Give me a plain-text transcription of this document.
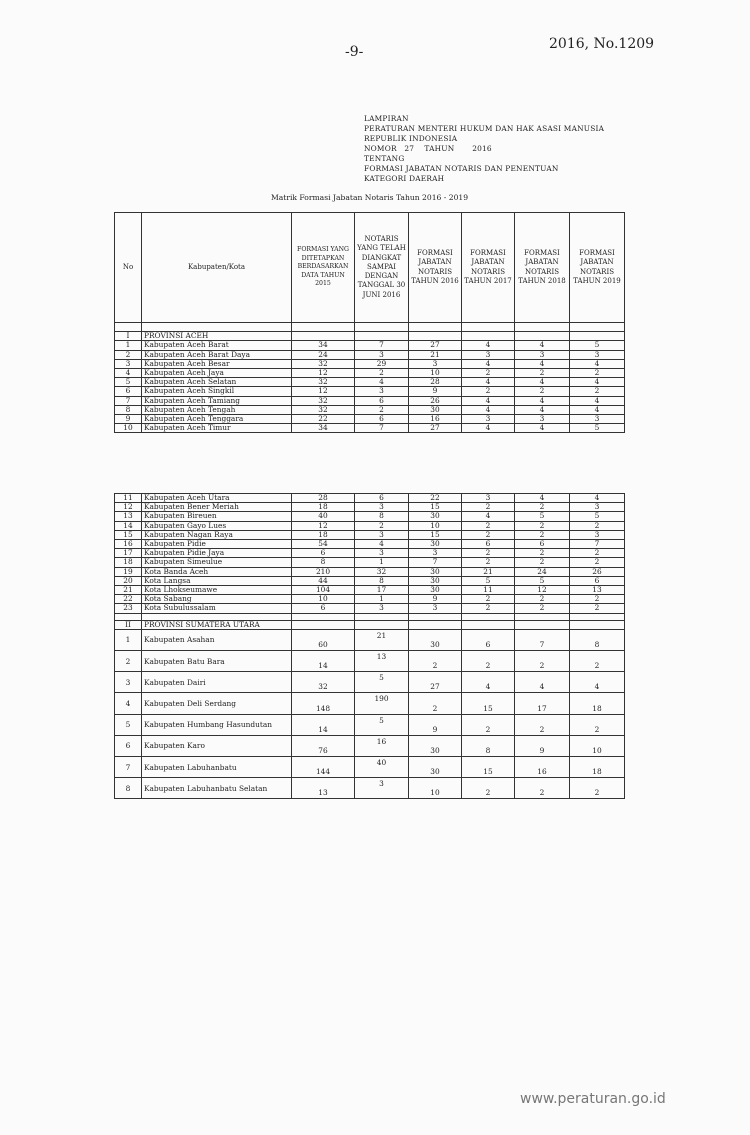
-9-	2016, No.1209
LAMPIRAN
PERATURAN MENTERI HUKUM DAN HAK ASASI MANUSIA
REPUBLIK INDONESIA
NOMOR   27    TAHUN       2016
TENTANG
FORMASI JABATAN NOTARIS DAN PENENTUAN
KATEGORI DAERAH
Matrik Formasi Jabatan Notaris Tahun 2016 - 2019
No	Kabupaten/Kota	FORMASI YANG DITETAPKAN BERDASARKAN DATA TAHUN 2015	NOTARIS YANG TELAH DIANGKAT SAMPAI DENGAN TANGGAL 30 JUNI 2016	FORMASI JABATAN NOTARIS TAHUN 2016	FORMASI JABATAN NOTARIS TAHUN 2017	FORMASI JABATAN NOTARIS TAHUN 2018	FORMASI JABATAN NOTARIS TAHUN 2019

I	PROVINSI ACEH						
1	Kabupaten Aceh Barat	34	7	27	4	4	5
2	Kabupaten Aceh Barat Daya	24	3	21	3	3	3
3	Kabupaten Aceh Besar	32	29	3	4	4	4
4	Kabupaten Aceh Jaya	12	2	10	2	2	2
5	Kabupaten Aceh Selatan	32	4	28	4	4	4
6	Kabupaten Aceh Singkil	12	3	9	2	2	2
7	Kabupaten Aceh Tamiang	32	6	26	4	4	4
8	Kabupaten Aceh Tengah	32	2	30	4	4	4
9	Kabupaten Aceh Tenggara	22	6	16	3	3	3
10	Kabupaten Aceh Timur	34	7	27	4	4	5
11	Kabupaten Aceh Utara	28	6	22	3	4	4
12	Kabupaten Bener Meriah	18	3	15	2	2	3
13	Kabupaten Bireuen	40	8	30	4	5	5
14	Kabupaten Gayo Lues	12	2	10	2	2	2
15	Kabupaten Nagan Raya	18	3	15	2	2	3
16	Kabupaten Pidie	54	4	30	6	6	7
17	Kabupaten Pidie Jaya	6	3	3	2	2	2
18	Kabupaten Simeulue	8	1	7	2	2	2
19	Kota Banda Aceh	210	32	30	21	24	26
20	Kota Langsa	44	8	30	5	5	6
21	Kota Lhokseumawe	104	17	30	11	12	13
22	Kota Sabang	10	1	9	2	2	2
23	Kota Subulussalam	6	3	3	2	2	2

II	PROVINSI SUMATERA UTARA						
1	Kabupaten Asahan	60	21	30	6	7	8
2	Kabupaten Batu Bara	14	13	2	2	2	2
3	Kabupaten Dairi	32	5	27	4	4	4
4	Kabupaten Deli Serdang	148	190	2	15	17	18
5	Kabupaten Humbang Hasundutan	14	5	9	2	2	2
6	Kabupaten Karo	76	16	30	8	9	10
7	Kabupaten Labuhanbatu	144	40	30	15	16	18
8	Kabupaten Labuhanbatu Selatan	13	3	10	2	2	2
www.peraturan.go.id
